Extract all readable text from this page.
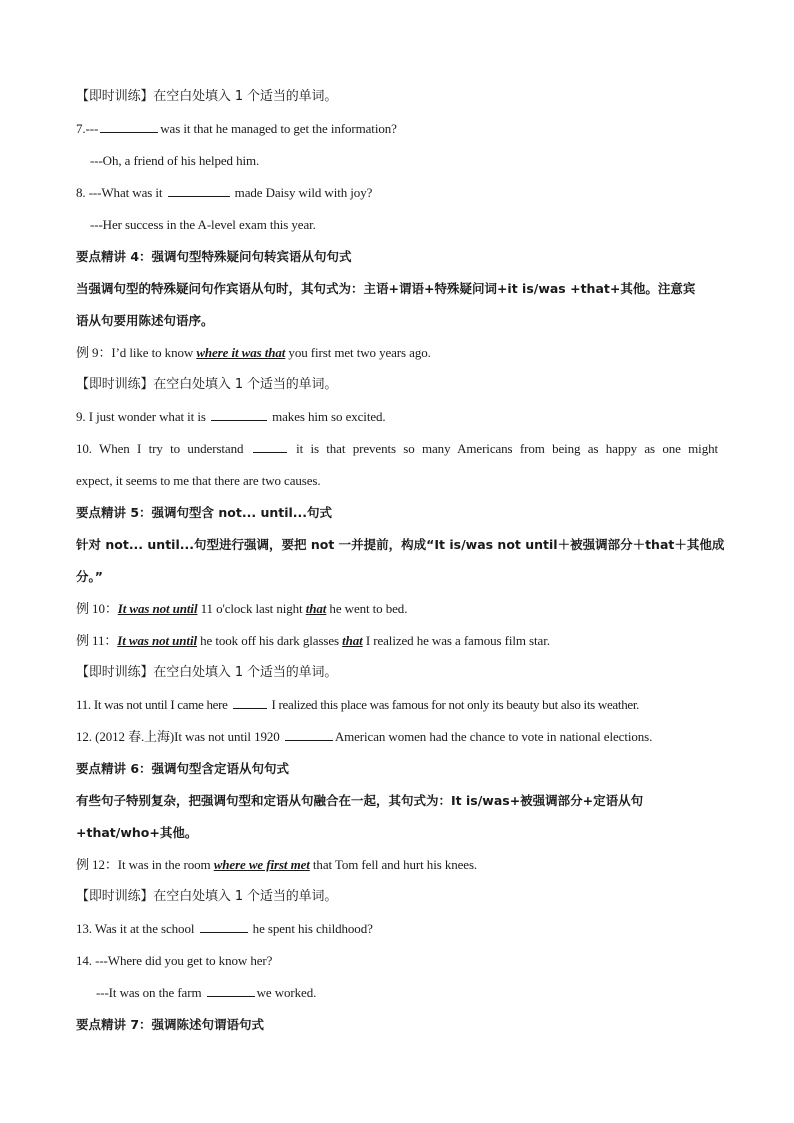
【即时训练】在空白处填入 1 个适当的单词。
7.---	was it that he managed to get the information?
---Oh, a friend of his helped him.
8. ---What was it	made Daisy wild with joy?
---Her success in the A-level exam this year.
要点精讲 4：强调句型特殊疑问句转宾语从句句式
当强调句型的特殊疑问句作宾语从句时，其句式为：主语+谓语+特殊疑问词+it is/was +that+其他。注意宾
语从句要用陈述句语序。
例 9：I’d like to know where it was that you first met two years ago.
【即时训练】在空白处填入 1 个适当的单词。
9. I just wonder what it is	makes him so excited.
10. When I try to understand	it is that prevents so many Americans from being as happy as one might
expect, it seems to me that there are two causes.
要点精讲 5：强调句型含 not... until...句式
针对 not... until...句型进行强调，要把 not 一并提前，构成“It is/was not until＋被强调部分＋that＋其他成
分。”
例 10：It was not until 11 o'clock last night that he went to bed.
例 11：It was not until he took off his dark glasses that I realized he was a famous film star.
【即时训练】在空白处填入 1 个适当的单词。
11. It was not until I came here	I realized this place was famous for not only its beauty but also its weather.
12. (2012 春.上海)It was not until 1920	American women had the chance to vote in national elections.
要点精讲 6：强调句型含定语从句句式
有些句子特别复杂，把强调句型和定语从句融合在一起，其句式为：It is/was+被强调部分+定语从句
+that/who+其他。
例 12：It was in the room where we first met that Tom fell and hurt his knees.
【即时训练】在空白处填入 1 个适当的单词。
13. Was it at the school	he spent his childhood?
14. ---Where did you get to know her?
---It was on the farm	we worked.
要点精讲 7：强调陈述句谓语句式
